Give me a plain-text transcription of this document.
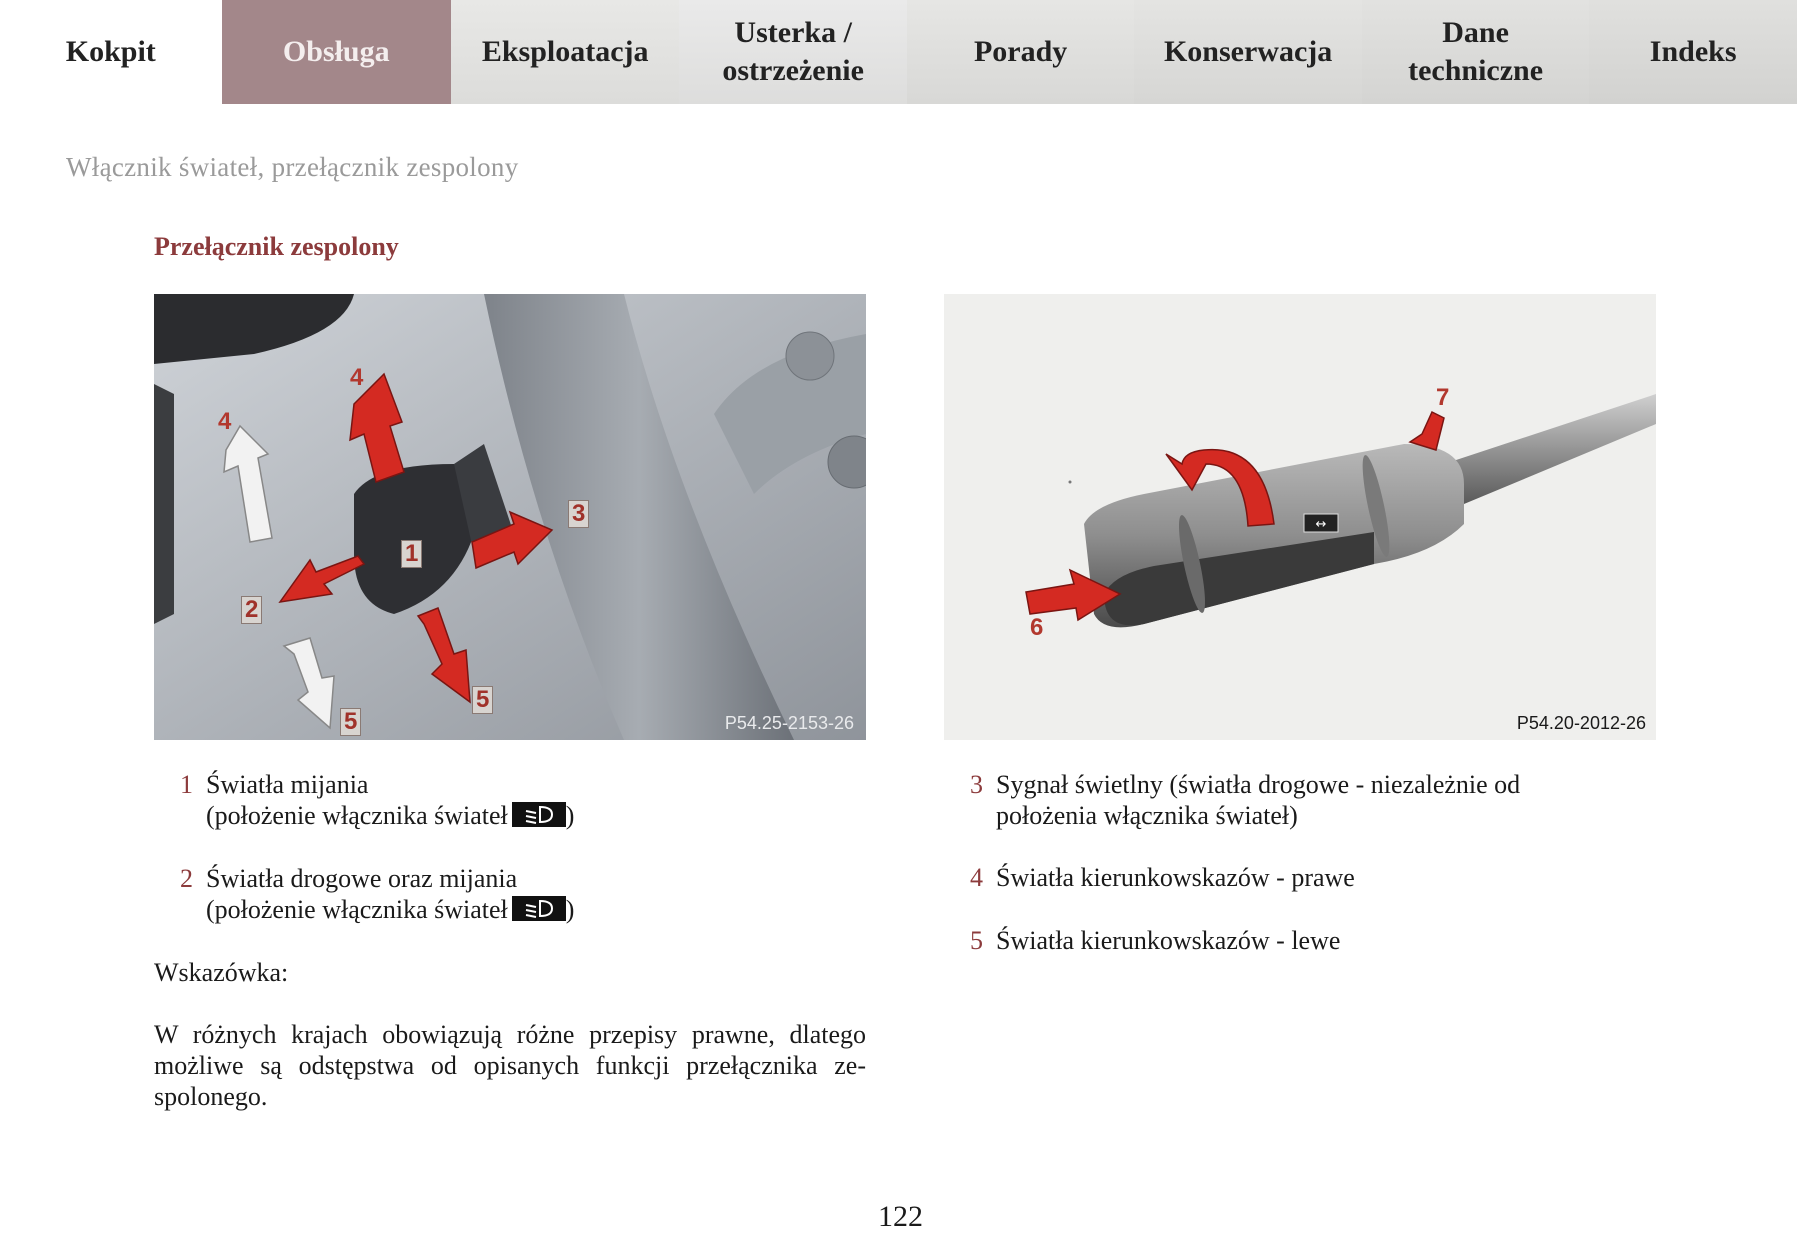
Kokpit	Obsługa	Eksploatacja
Usterka /
ostrzeżenie
Porady	Konserwacja
Dane
techniczne
Indeks
Włącznik świateł, przełącznik zespolony
Przełącznik zespolony
1
2
3
4
4
5
5	P54.25-2153-26
↔
6
7
P54.20-2012-26
1 Światła mijania
(położenie włącznika świateł )
2 Światła drogowe oraz mijania
(położenie włącznika świateł )
Wskazówka:
W różnych krajach obowiązują różne przepisy prawne, dlatego możliwe są odstępstwa od opisanych funkcji przełącznika ze-spolonego.
3 Sygnał świetlny (światła drogowe - niezależnie od
położenia włącznika świateł)
4 Światła kierunkowskazów - prawe
5 Światła kierunkowskazów - lewe
122
